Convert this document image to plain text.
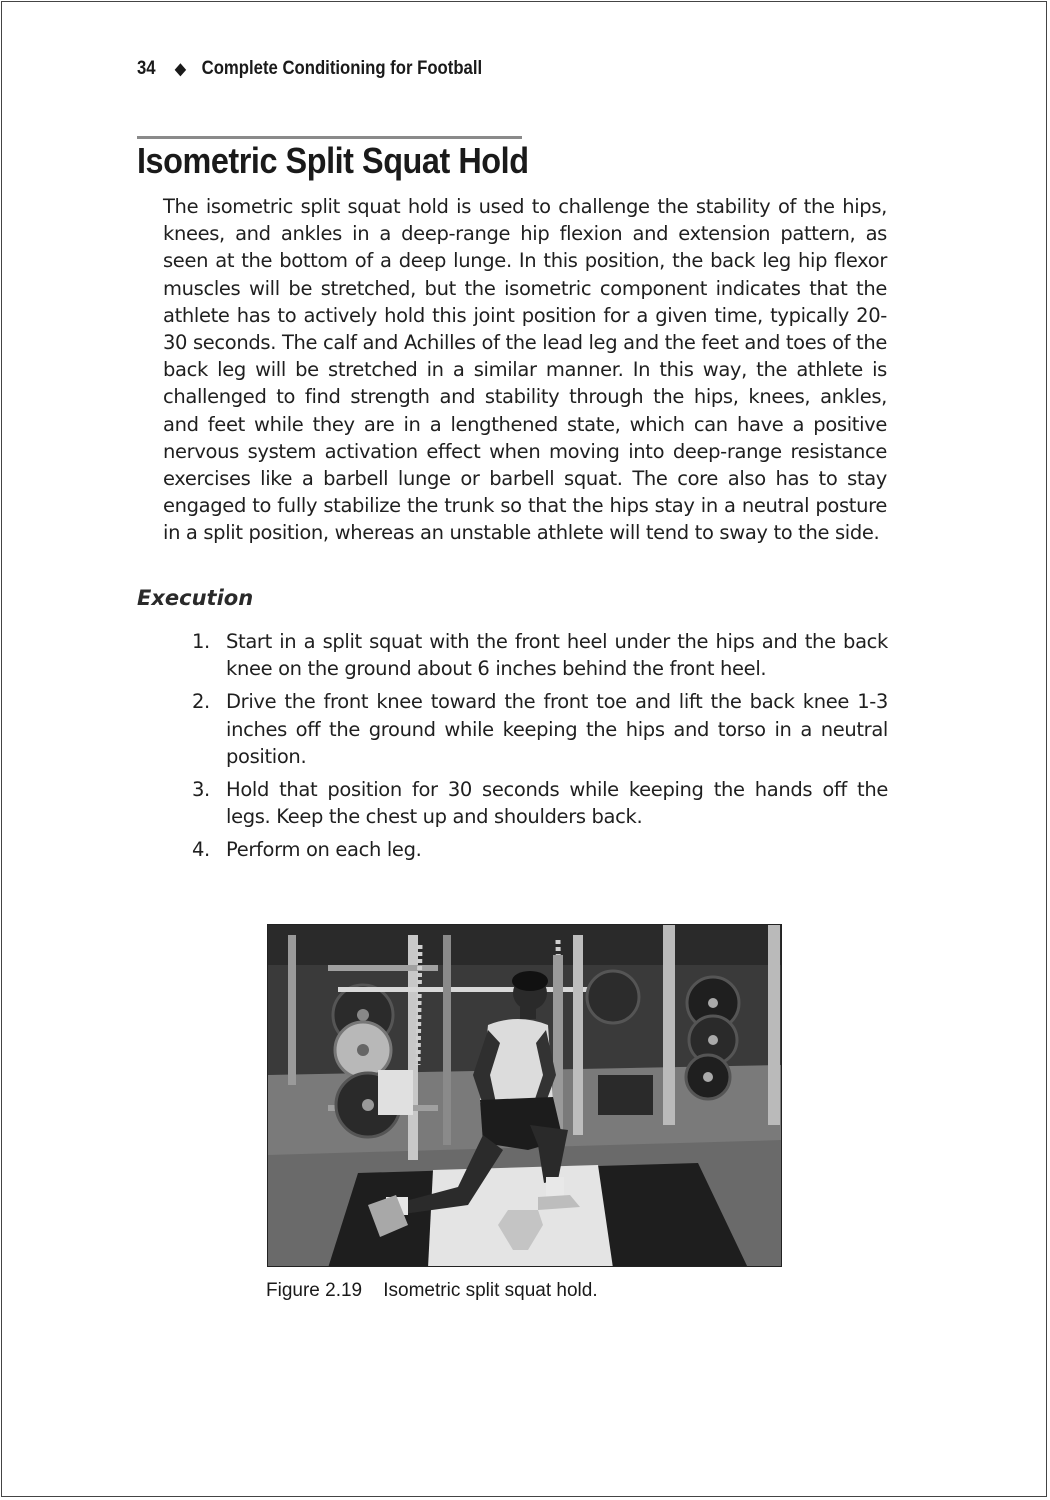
34 ◆ Complete Conditioning for Football
Isometric Split Squat Hold

The isometric split squat hold is used to challenge the stability of the hips, knees, and ankles in a deep-range hip flexion and extension pattern, as seen at the bottom of a deep lunge. In this position, the back leg hip flexor muscles will be stretched, but the isometric component indicates that the athlete has to actively hold this joint position for a given time, typically 20-30 seconds. The calf and Achilles of the lead leg and the feet and toes of the back leg will be stretched in a similar manner. In this way, the athlete is challenged to find strength and stability through the hips, knees, ankles, and feet while they are in a lengthened state, which can have a positive nervous system activation effect when moving into deep-range resistance exercises like a barbell lunge or barbell squat. The core also has to stay engaged to fully stabilize the trunk so that the hips stay in a neutral posture in a split position, whereas an unstable athlete will tend to sway to the side.

Execution
1. Start in a split squat with the front heel under the hips and the back knee on the ground about 6 inches behind the front heel.
2. Drive the front knee toward the front toe and lift the back knee 1-3 inches off the ground while keeping the hips and torso in a neutral position.
3. Hold that position for 30 seconds while keeping the hands off the legs. Keep the chest up and shoulders back.
4. Perform on each leg.

Figure 2.19 Isometric split squat hold.
